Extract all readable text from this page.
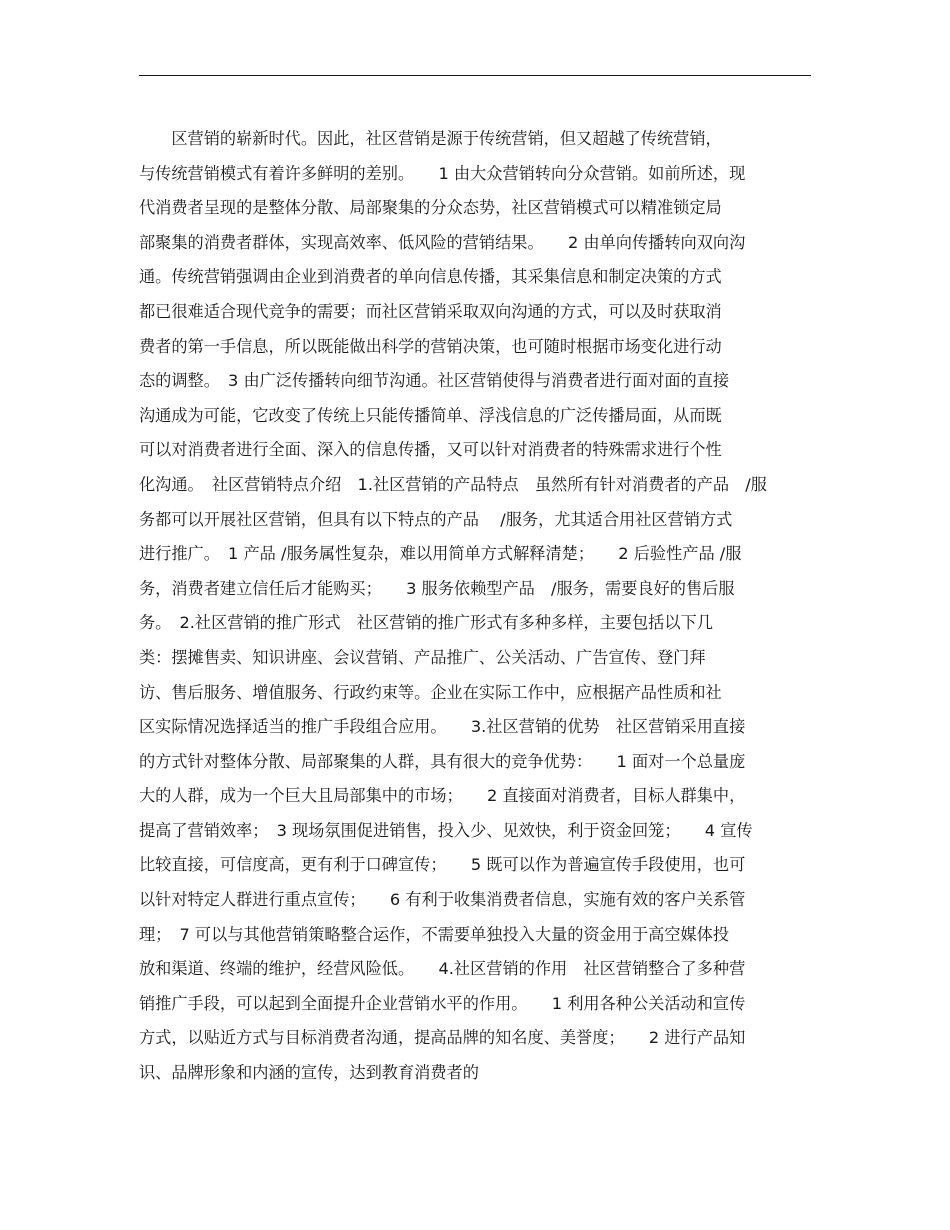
　　区营销的崭新时代。因此，社区营销是源于传统营销，但又超越了传统营销，
与传统营销模式有着许多鲜明的差别。　　1 由大众营销转向分众营销。如前所述，现
代消费者呈现的是整体分散、局部聚集的分众态势，社区营销模式可以精准锁定局
部聚集的消费者群体，实现高效率、低风险的营销结果。　　2 由单向传播转向双向沟
通。传统营销强调由企业到消费者的单向信息传播，其采集信息和制定决策的方式
都已很难适合现代竞争的需要；而社区营销采取双向沟通的方式，可以及时获取消
费者的第一手信息，所以既能做出科学的营销决策，也可随时根据市场变化进行动
态的调整。　3 由广泛传播转向细节沟通。社区营销使得与消费者进行面对面的直接
沟通成为可能，它改变了传统上只能传播简单、浮浅信息的广泛传播局面，从而既
可以对消费者进行全面、深入的信息传播，又可以针对消费者的特殊需求进行个性
化沟通。　社区营销特点介绍　1.社区营销的产品特点　虽然所有针对消费者的产品　/服
务都可以开展社区营销，但具有以下特点的产品　 /服务，尤其适合用社区营销方式
进行推广。　1 产品 /服务属性复杂，难以用简单方式解释清楚；　　2 后验性产品 /服
务，消费者建立信任后才能购买；　　3 服务依赖型产品　/服务，需要良好的售后服
务。　2.社区营销的推广形式　社区营销的推广形式有多种多样，主要包括以下几
类：摆摊售卖、知识讲座、会议营销、产品推广、公关活动、广告宣传、登门拜
访、售后服务、增值服务、行政约束等。企业在实际工作中，应根据产品性质和社
区实际情况选择适当的推广手段组合应用。　　3.社区营销的优势　社区营销采用直接
的方式针对整体分散、局部聚集的人群，具有很大的竞争优势：　　1 面对一个总量庞
大的人群，成为一个巨大且局部集中的市场；　　2 直接面对消费者，目标人群集中，
提高了营销效率；　3 现场氛围促进销售，投入少、见效快，利于资金回笼；　　4 宣传
比较直接，可信度高，更有利于口碑宣传；　　5 既可以作为普遍宣传手段使用，也可
以针对特定人群进行重点宣传；　　6 有利于收集消费者信息，实施有效的客户关系管
理；　7 可以与其他营销策略整合运作，不需要单独投入大量的资金用于高空媒体投
放和渠道、终端的维护，经营风险低。　　4.社区营销的作用　社区营销整合了多种营
销推广手段，可以起到全面提升企业营销水平的作用。　　1 利用各种公关活动和宣传
方式，以贴近方式与目标消费者沟通，提高品牌的知名度、美誉度；　　2 进行产品知
识、品牌形象和内涵的宣传，达到教育消费者的
